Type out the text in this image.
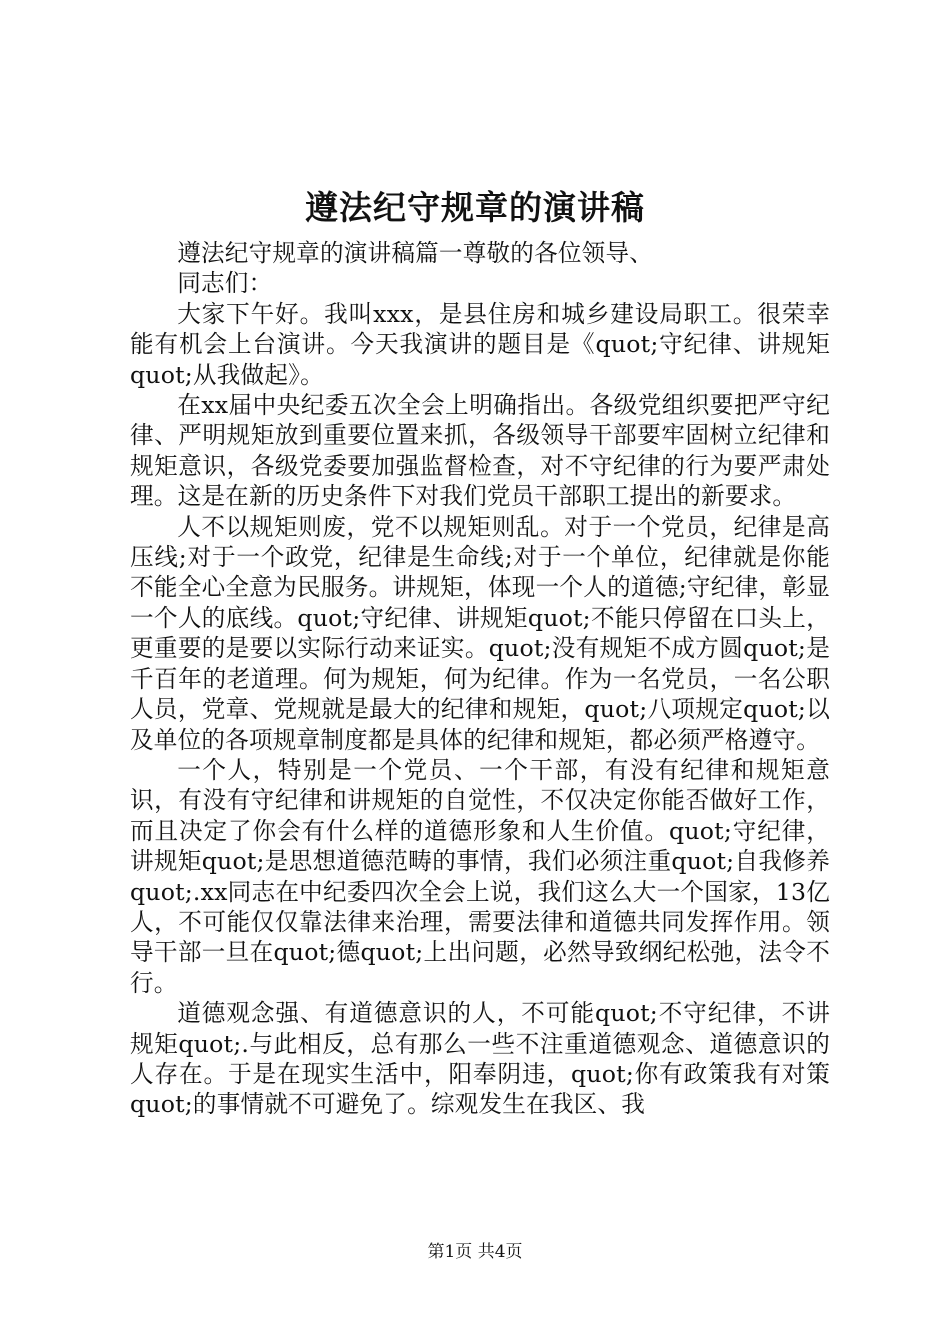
遵法纪守规章的演讲稿

遵法纪守规章的演讲稿篇一尊敬的各位领导、

同志们：

大家下午好。我叫xxx，是县住房和城乡建设局职工。很荣幸能有机会上台演讲。今天我演讲的题目是《quot;守纪律、讲规矩quot;从我做起》。

在xx届中央纪委五次全会上明确指出。各级党组织要把严守纪律、严明规矩放到重要位置来抓，各级领导干部要牢固树立纪律和规矩意识，各级党委要加强监督检查，对不守纪律的行为要严肃处理。这是在新的历史条件下对我们党员干部职工提出的新要求。

人不以规矩则废，党不以规矩则乱。对于一个党员，纪律是高压线;对于一个政党，纪律是生命线;对于一个单位，纪律就是你能不能全心全意为民服务。讲规矩，体现一个人的道德;守纪律，彰显一个人的底线。quot;守纪律、讲规矩quot;不能只停留在口头上，更重要的是要以实际行动来证实。quot;没有规矩不成方圆quot;是千百年的老道理。何为规矩，何为纪律。作为一名党员，一名公职人员，党章、党规就是最大的纪律和规矩，quot;八项规定quot;以及单位的各项规章制度都是具体的纪律和规矩，都必须严格遵守。

一个人，特别是一个党员、一个干部，有没有纪律和规矩意识，有没有守纪律和讲规矩的自觉性，不仅决定你能否做好工作，而且决定了你会有什么样的道德形象和人生价值。quot;守纪律，讲规矩quot;是思想道德范畴的事情，我们必须注重quot;自我修养quot;.xx同志在中纪委四次全会上说，我们这么大一个国家，13亿人，不可能仅仅靠法律来治理，需要法律和道德共同发挥作用。领导干部一旦在quot;德quot;上出问题，必然导致纲纪松弛，法令不行。

道德观念强、有道德意识的人，不可能quot;不守纪律，不讲规矩quot;.与此相反，总有那么一些不注重道德观念、道德意识的人存在。于是在现实生活中，阳奉阴违，quot;你有政策我有对策quot;的事情就不可避免了。综观发生在我区、我

第1页 共4页
